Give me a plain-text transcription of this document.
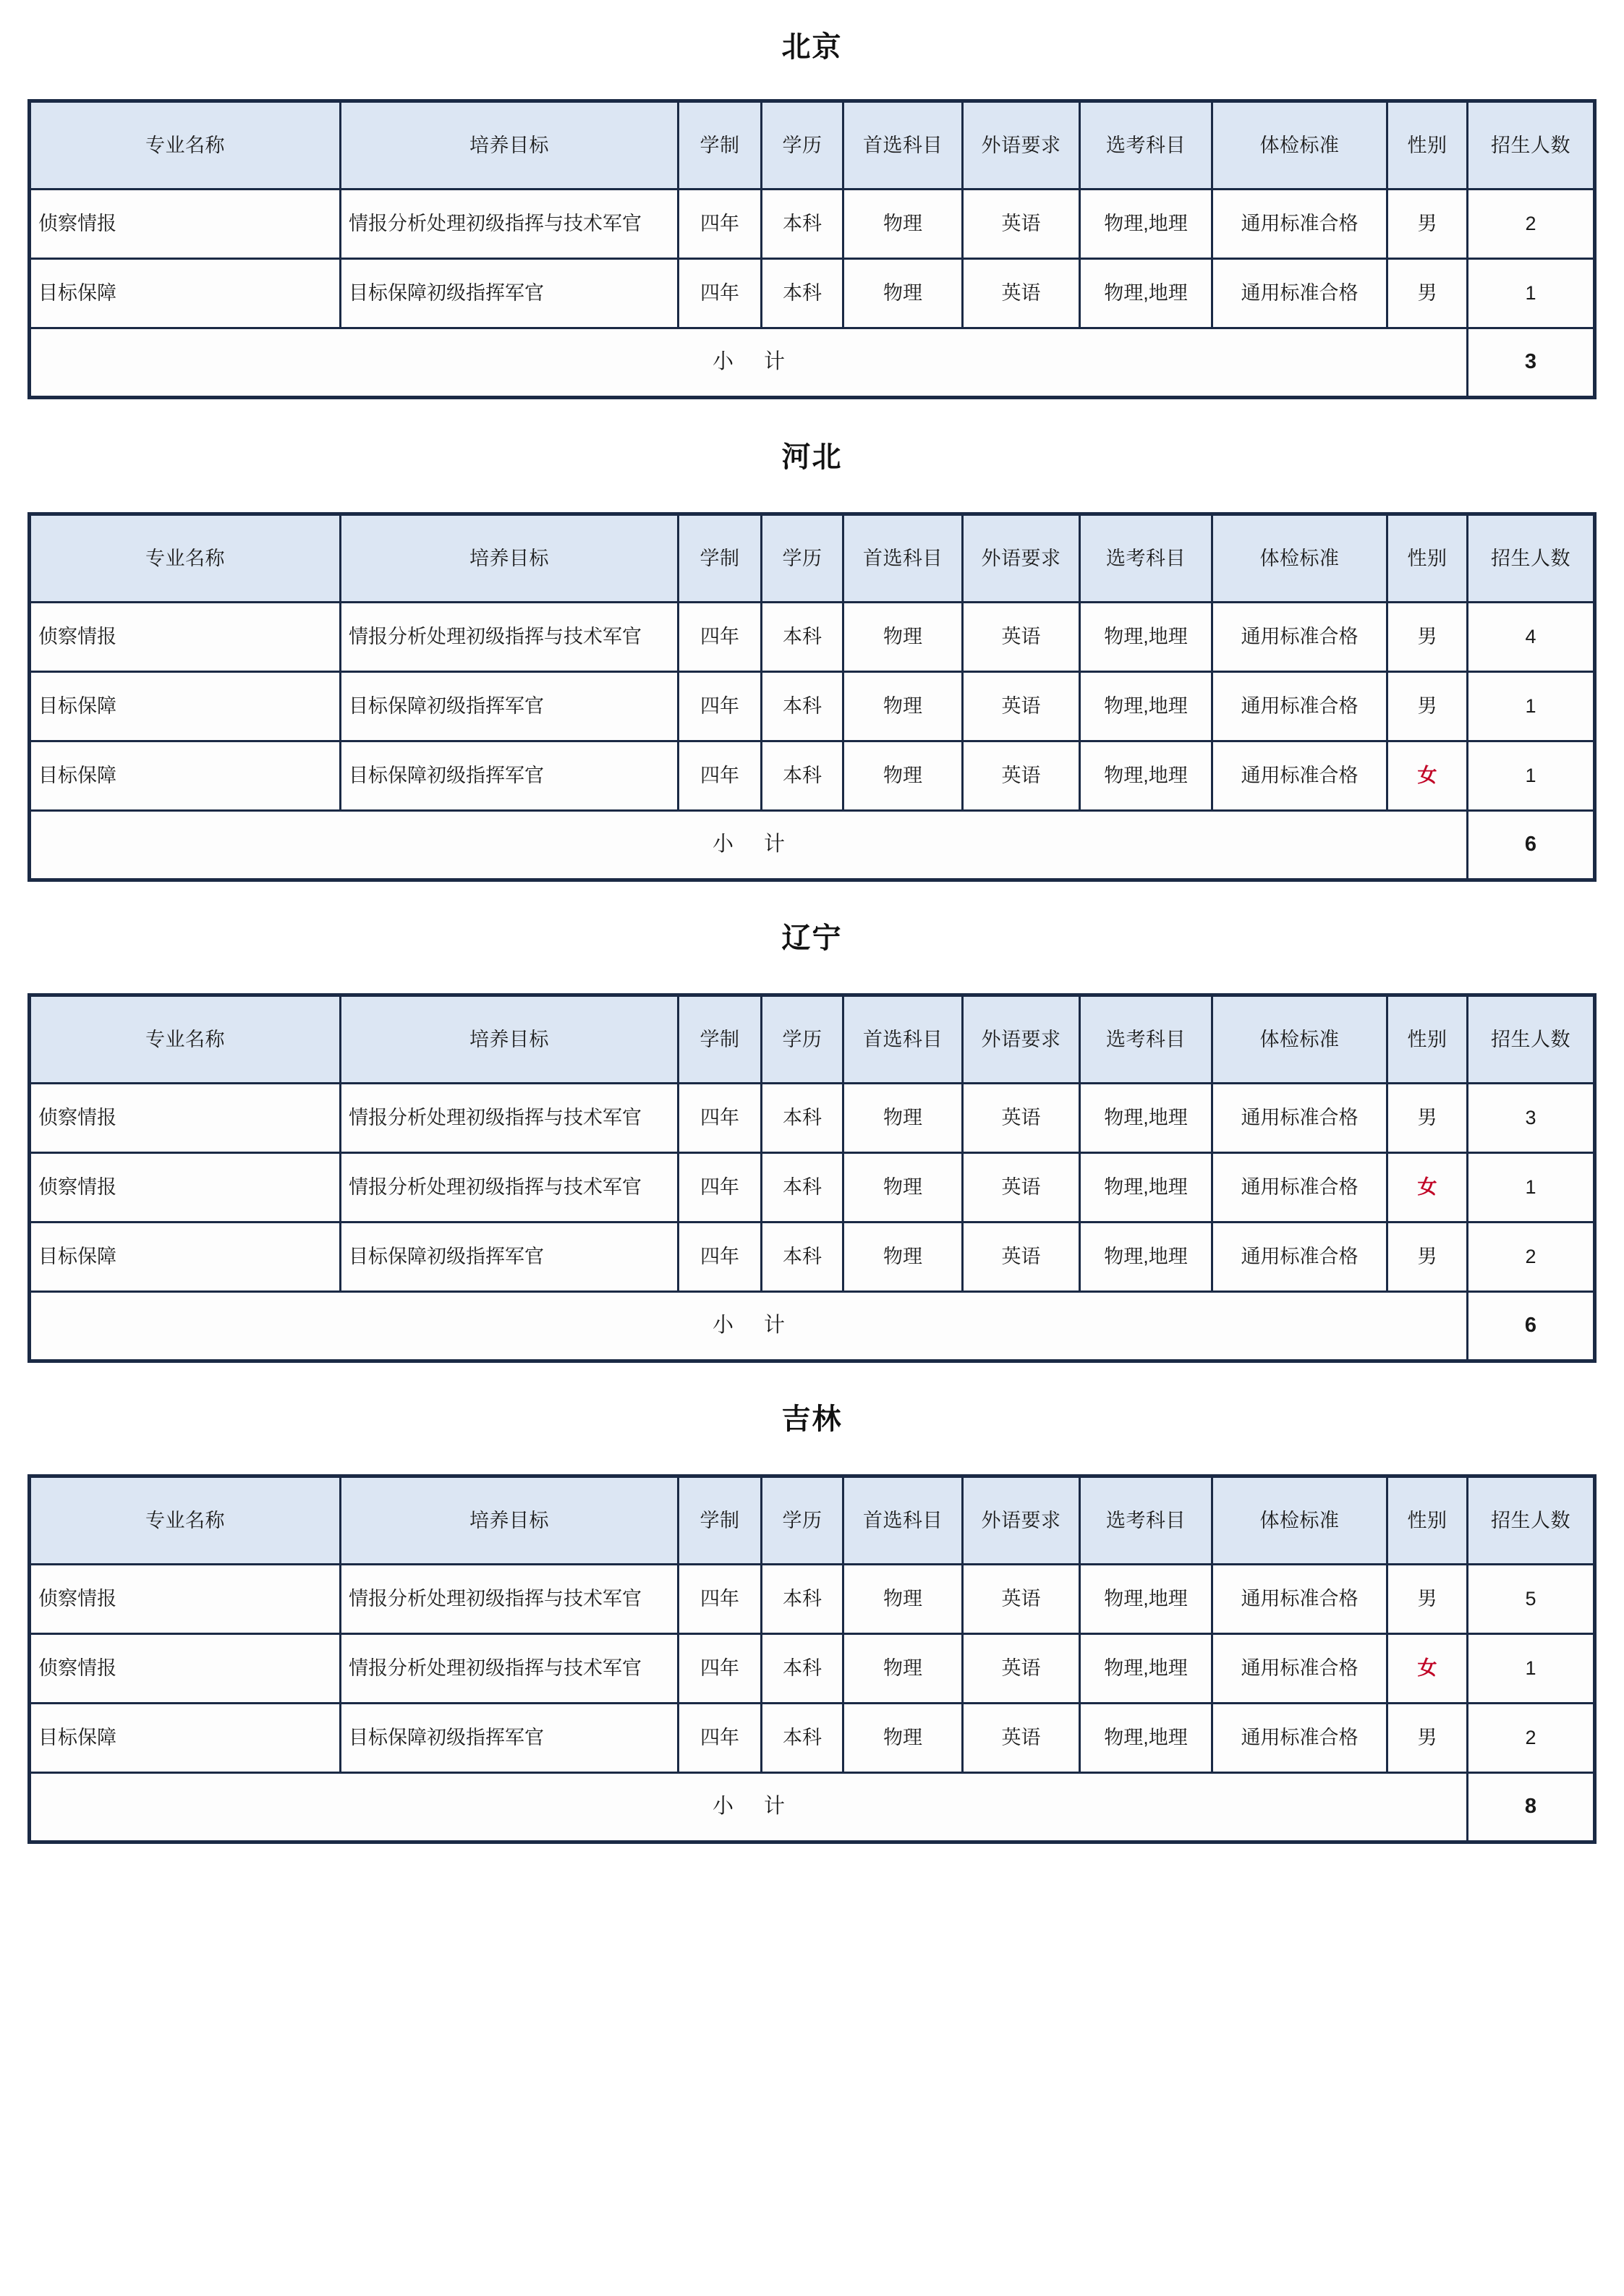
北京
专业名称	培养目标	学制	学历	首选科目	外语要求	选考科目	体检标准	性别	招生人数
侦察情报	情报分析处理初级指挥与技术军官	四年	本科	物理	英语	物理,地理	通用标准合格	男	2
目标保障	目标保障初级指挥军官	四年	本科	物理	英语	物理,地理	通用标准合格	男	1
小计									3
河北
专业名称	培养目标	学制	学历	首选科目	外语要求	选考科目	体检标准	性别	招生人数
侦察情报	情报分析处理初级指挥与技术军官	四年	本科	物理	英语	物理,地理	通用标准合格	男	4
目标保障	目标保障初级指挥军官	四年	本科	物理	英语	物理,地理	通用标准合格	男	1
目标保障	目标保障初级指挥军官	四年	本科	物理	英语	物理,地理	通用标准合格	女	1
小计									6
辽宁
专业名称	培养目标	学制	学历	首选科目	外语要求	选考科目	体检标准	性别	招生人数
侦察情报	情报分析处理初级指挥与技术军官	四年	本科	物理	英语	物理,地理	通用标准合格	男	3
侦察情报	情报分析处理初级指挥与技术军官	四年	本科	物理	英语	物理,地理	通用标准合格	女	1
目标保障	目标保障初级指挥军官	四年	本科	物理	英语	物理,地理	通用标准合格	男	2
小计									6
吉林
专业名称	培养目标	学制	学历	首选科目	外语要求	选考科目	体检标准	性别	招生人数
侦察情报	情报分析处理初级指挥与技术军官	四年	本科	物理	英语	物理,地理	通用标准合格	男	5
侦察情报	情报分析处理初级指挥与技术军官	四年	本科	物理	英语	物理,地理	通用标准合格	女	1
目标保障	目标保障初级指挥军官	四年	本科	物理	英语	物理,地理	通用标准合格	男	2
小计									8
